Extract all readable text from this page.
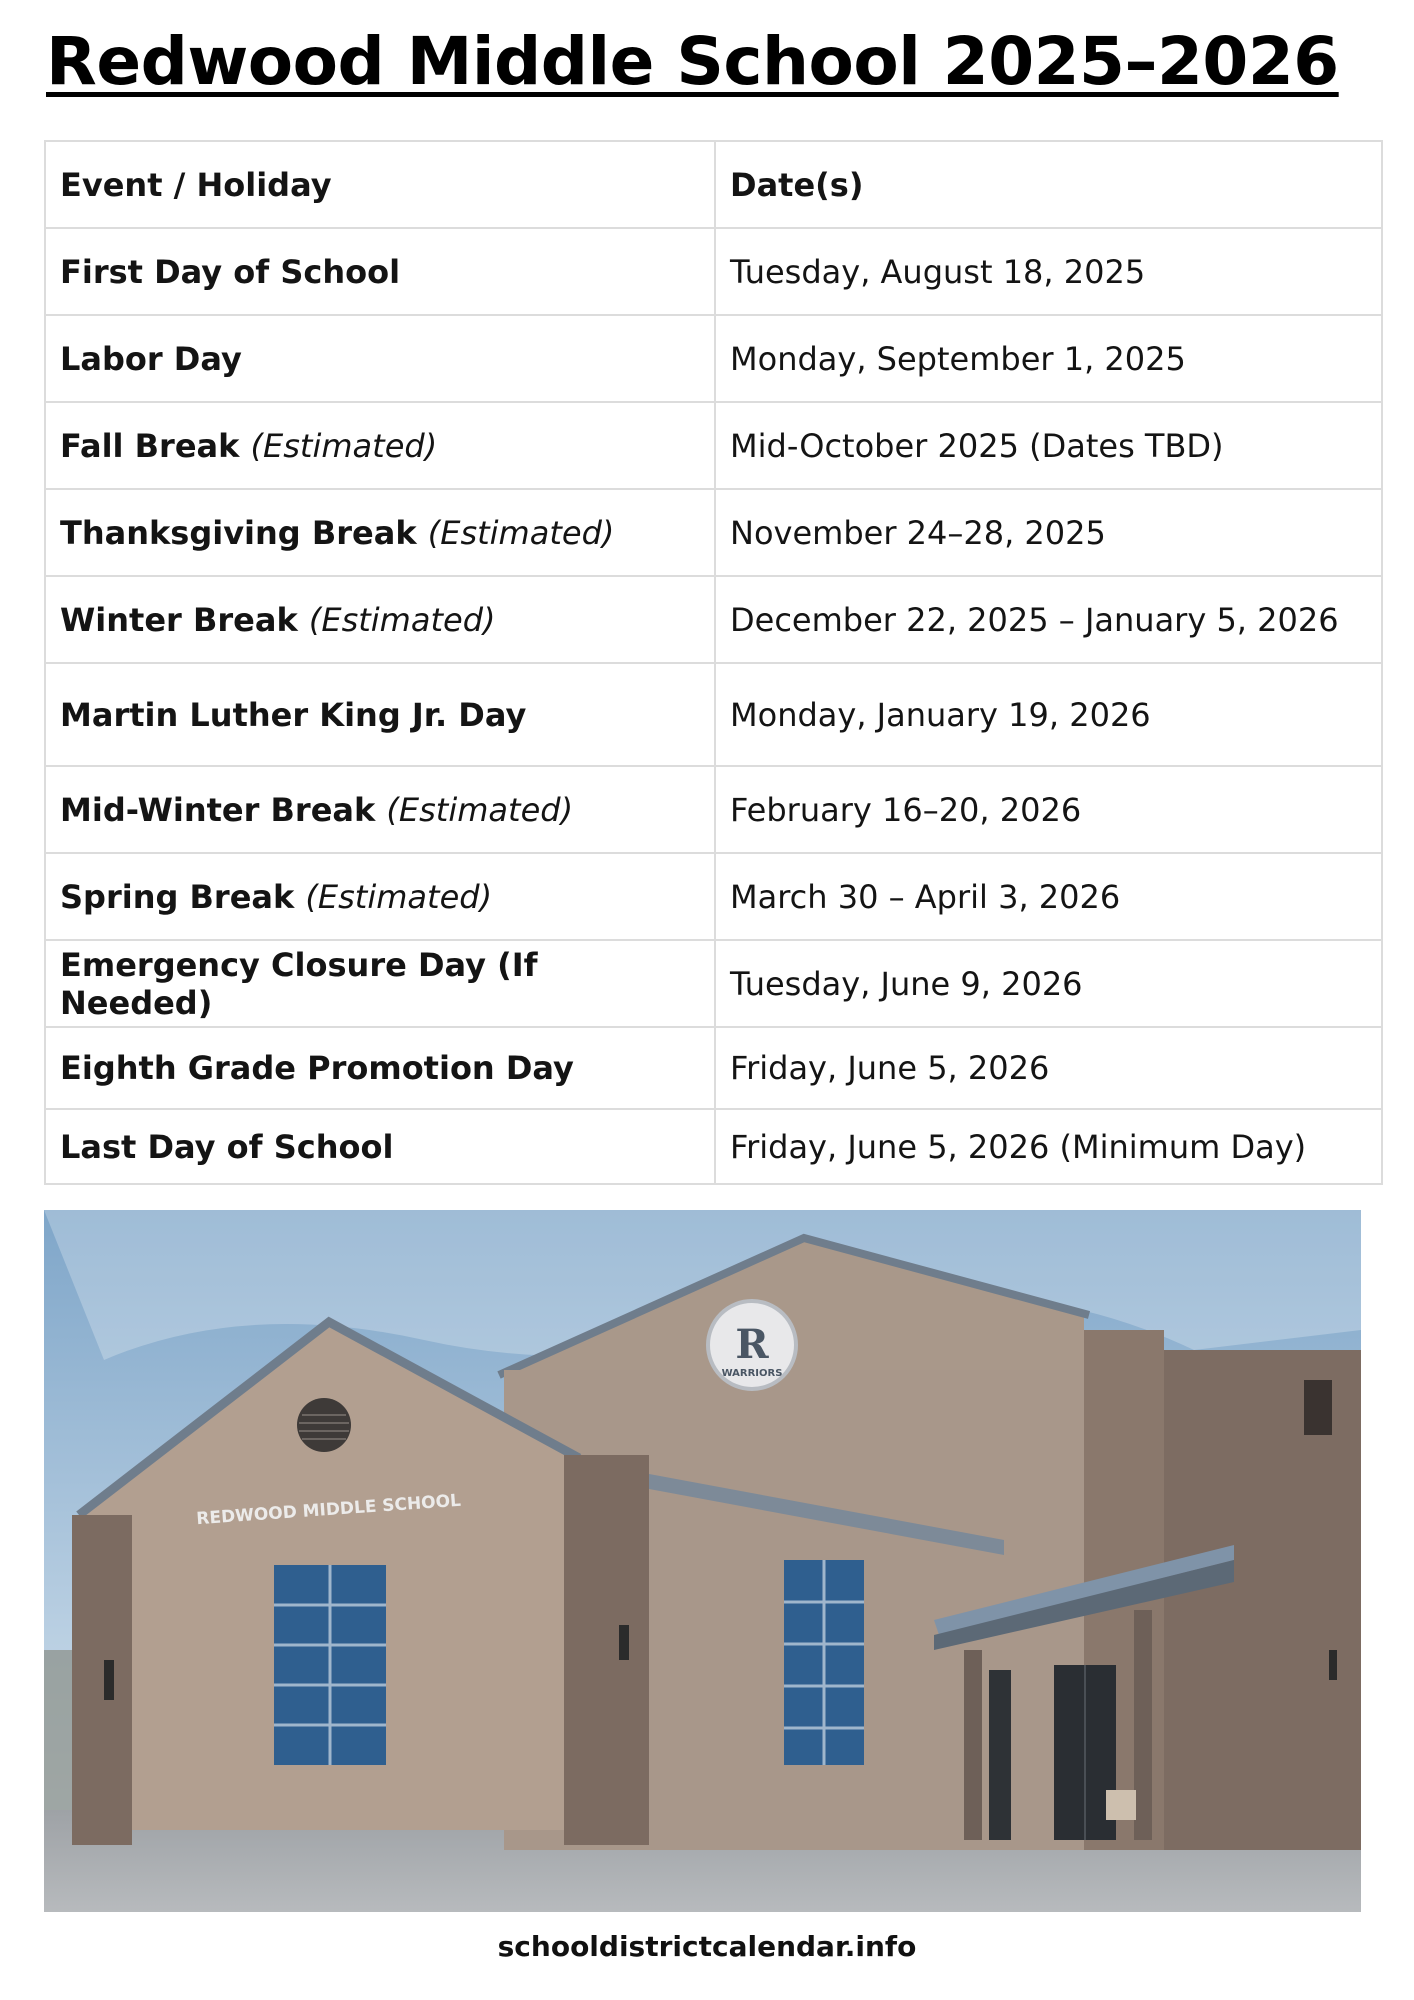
Redwood Middle School 2025–2026
Event / Holiday	Date(s)
First Day of School	Tuesday, August 18, 2025
Labor Day	Monday, September 1, 2025
Fall Break (Estimated)	Mid-October 2025 (Dates TBD)
Thanksgiving Break (Estimated)	November 24–28, 2025
Winter Break (Estimated)	December 22, 2025 – January 5, 2026
Martin Luther King Jr. Day	Monday, January 19, 2026
Mid-Winter Break (Estimated)	February 16–20, 2026
Spring Break (Estimated)	March 30 – April 3, 2026
Emergency Closure Day (If Needed)	Tuesday, June 9, 2026
Eighth Grade Promotion Day	Friday, June 5, 2026
Last Day of School	Friday, June 5, 2026 (Minimum Day)
R
WARRIORS
REDWOOD MIDDLE SCHOOL
schooldistrictcalendar.info
